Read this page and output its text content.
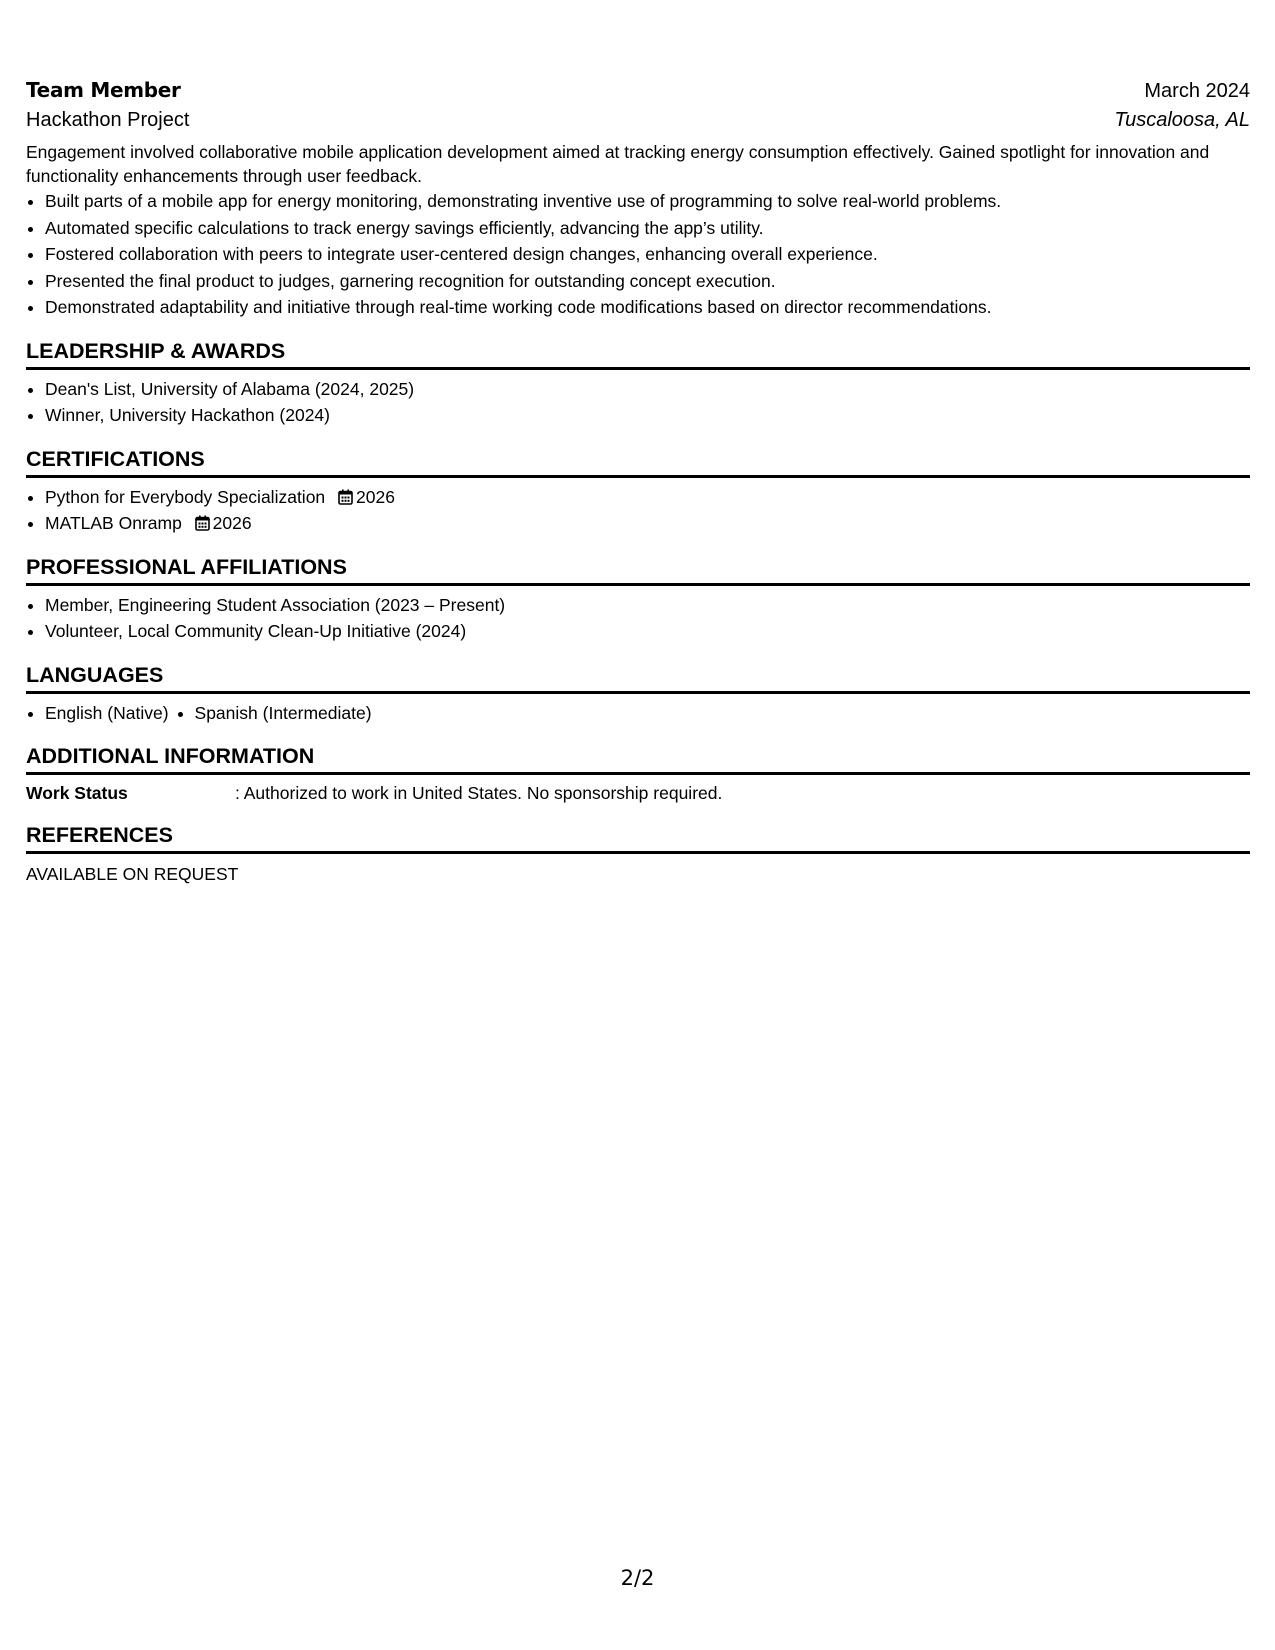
Team Member	March 2024
Hackathon Project	Tuscaloosa, AL
Engagement involved collaborative mobile application development aimed at tracking energy consumption effectively. Gained spotlight for innovation and functionality enhancements through user feedback.
• Built parts of a mobile app for energy monitoring, demonstrating inventive use of programming to solve real-world problems.
• Automated specific calculations to track energy savings efficiently, advancing the app’s utility.
• Fostered collaboration with peers to integrate user-centered design changes, enhancing overall experience.
• Presented the final product to judges, garnering recognition for outstanding concept execution.
• Demonstrated adaptability and initiative through real-time working code modifications based on director recommendations.
LEADERSHIP & AWARDS
• Dean's List, University of Alabama (2024, 2025)
• Winner, University Hackathon (2024)
CERTIFICATIONS
• Python for Everybody Specialization 2026
• MATLAB Onramp 2026
PROFESSIONAL AFFILIATIONS
• Member, Engineering Student Association (2023 – Present)
• Volunteer, Local Community Clean-Up Initiative (2024)
LANGUAGES
• English (Native)
• Spanish (Intermediate)
ADDITIONAL INFORMATION
Work Status	: Authorized to work in United States. No sponsorship required.
REFERENCES
AVAILABLE ON REQUEST
2/2
